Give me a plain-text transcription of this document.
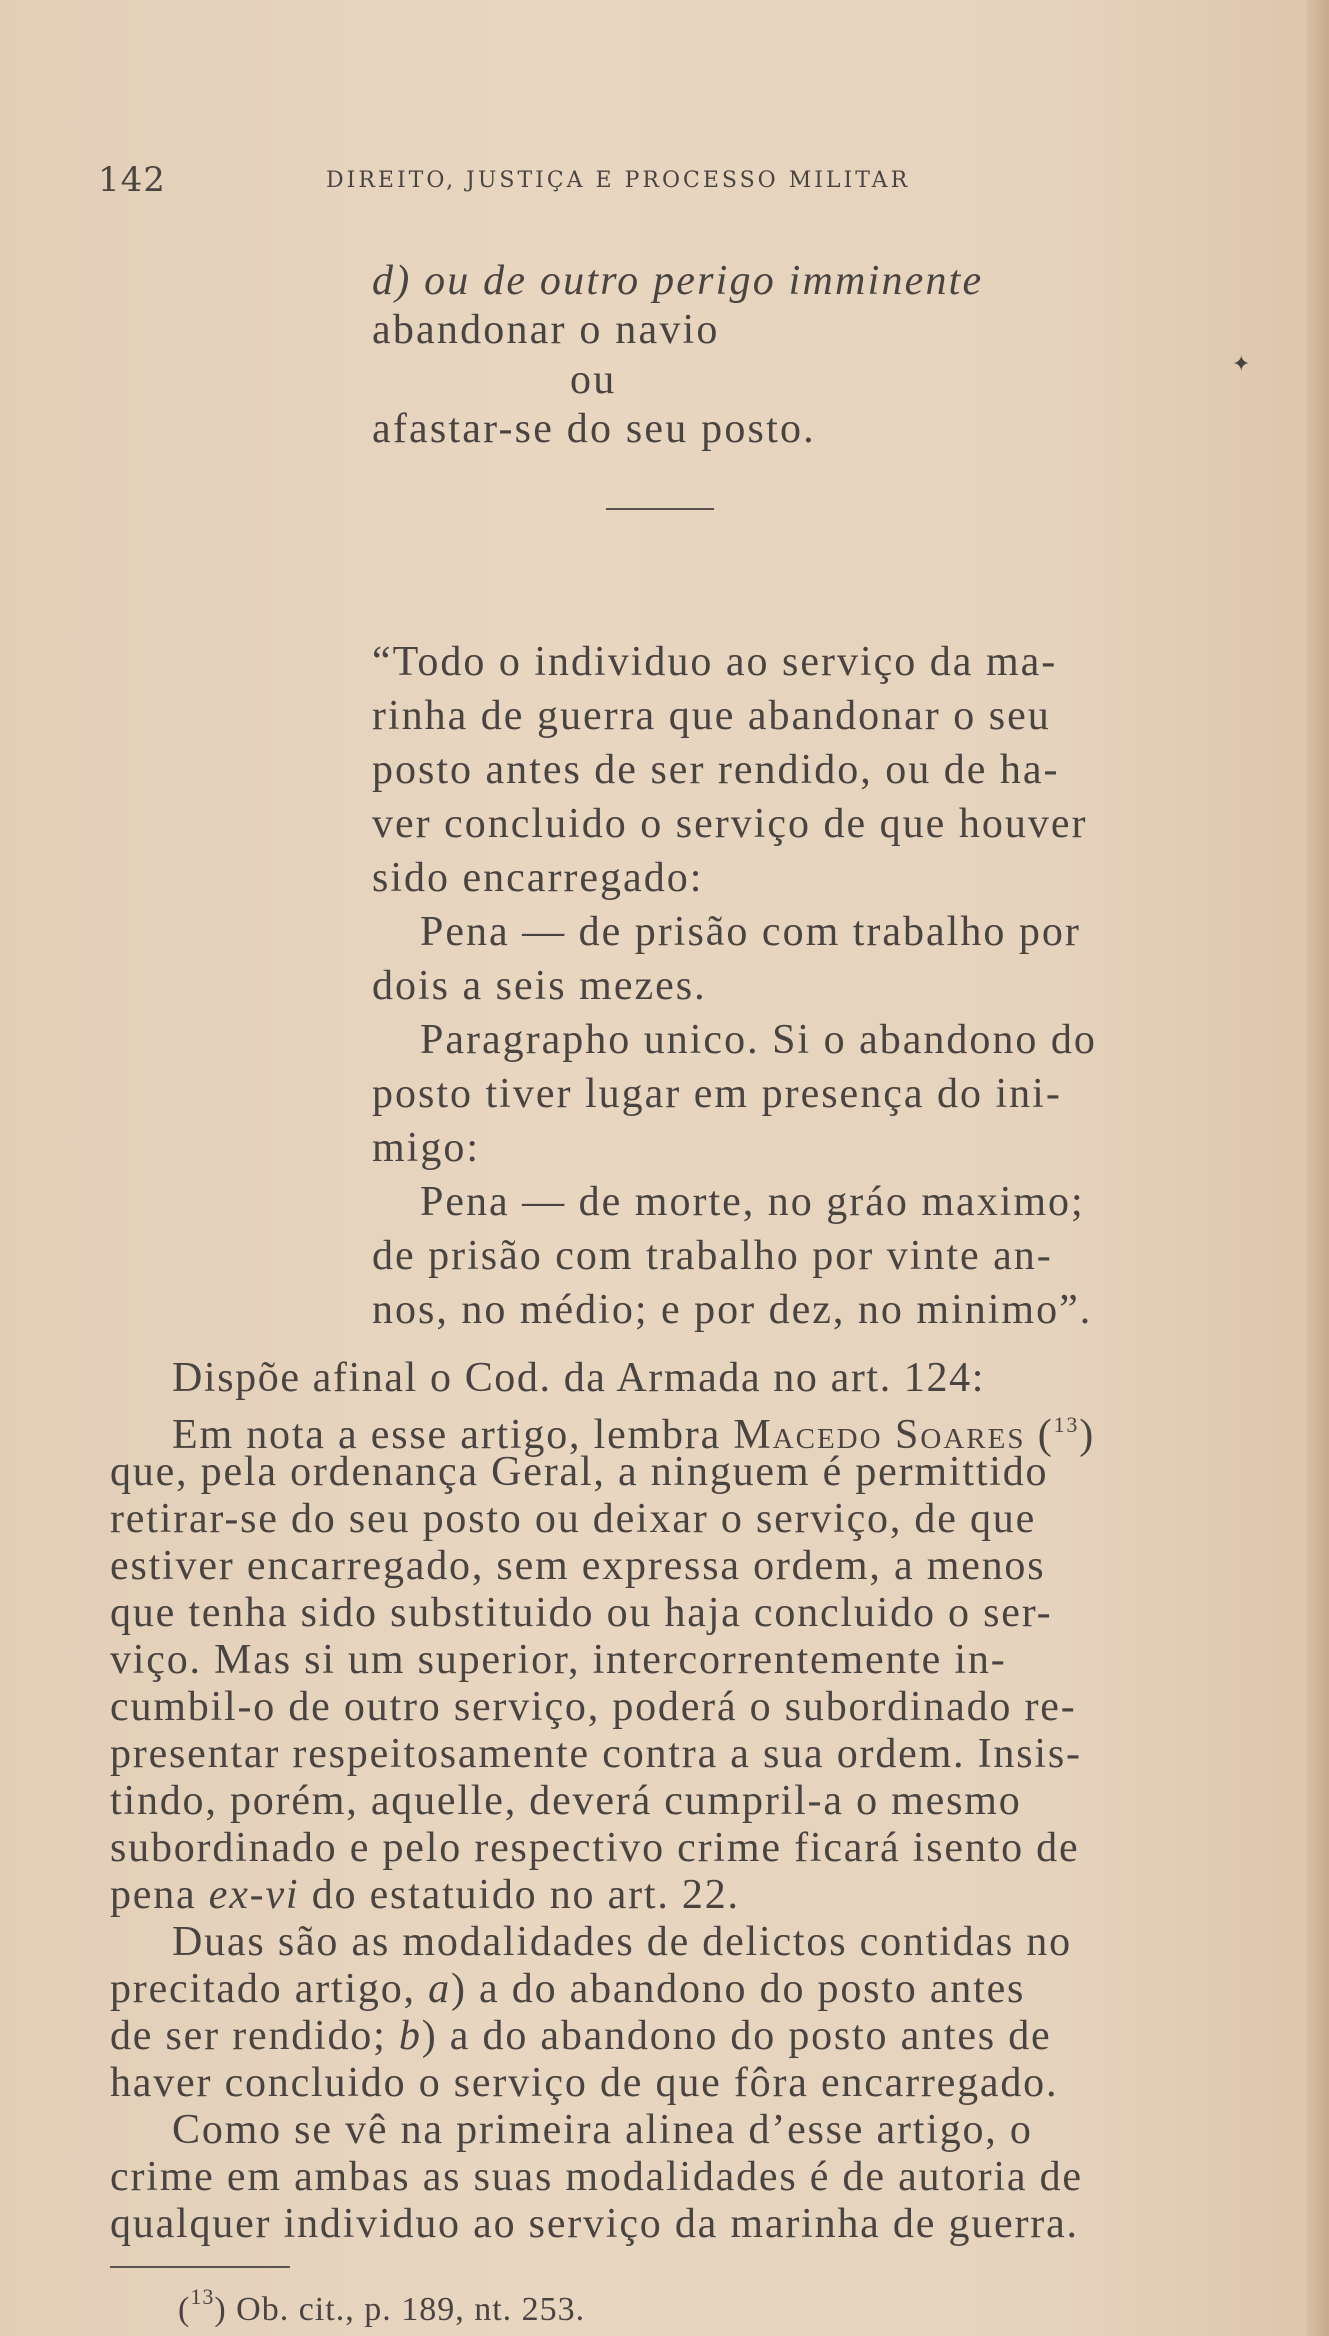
142	DIREITO, JUSTIÇA E PROCESSO MILITAR
d) ou de outro perigo imminente
abandonar o navio
ou	✦
afastar-se do seu posto.
Dispõe afinal o Cod. da Armada no art. 124:
“Todo o individuo ao serviço da ma-
rinha de guerra que abandonar o seu
posto antes de ser rendido, ou de ha-
ver concluido o serviço de que houver
sido encarregado:
Pena — de prisão com trabalho por
dois a seis mezes.
Paragrapho unico. Si o abandono do
posto tiver lugar em presença do ini-
migo:
Pena — de morte, no gráo maximo;
de prisão com trabalho por vinte an-
nos, no médio; e por dez, no minimo”.
Em nota a esse artigo, lembra Macedo Soares ($^{13}$)
que, pela ordenança Geral, a ninguem é permittido
retirar-se do seu posto ou deixar o serviço, de que
estiver encarregado, sem expressa ordem, a menos
que tenha sido substituido ou haja concluido o ser-
viço. Mas si um superior, intercorrentemente in-
cumbil-o de outro serviço, poderá o subordinado re-
presentar respeitosamente contra a sua ordem. Insis-
tindo, porém, aquelle, deverá cumpril-a o mesmo
subordinado e pelo respectivo crime ficará isento de
pena ex-vi do estatuido no art. 22.
Duas são as modalidades de delictos contidas no
precitado artigo, a) a do abandono do posto antes
de ser rendido; b) a do abandono do posto antes de
haver concluido o serviço de que fôra encarregado.
Como se vê na primeira alinea d’esse artigo, o
crime em ambas as suas modalidades é de autoria de
qualquer individuo ao serviço da marinha de guerra.
($^{13}$) Ob. cit., p. 189, nt. 253.
